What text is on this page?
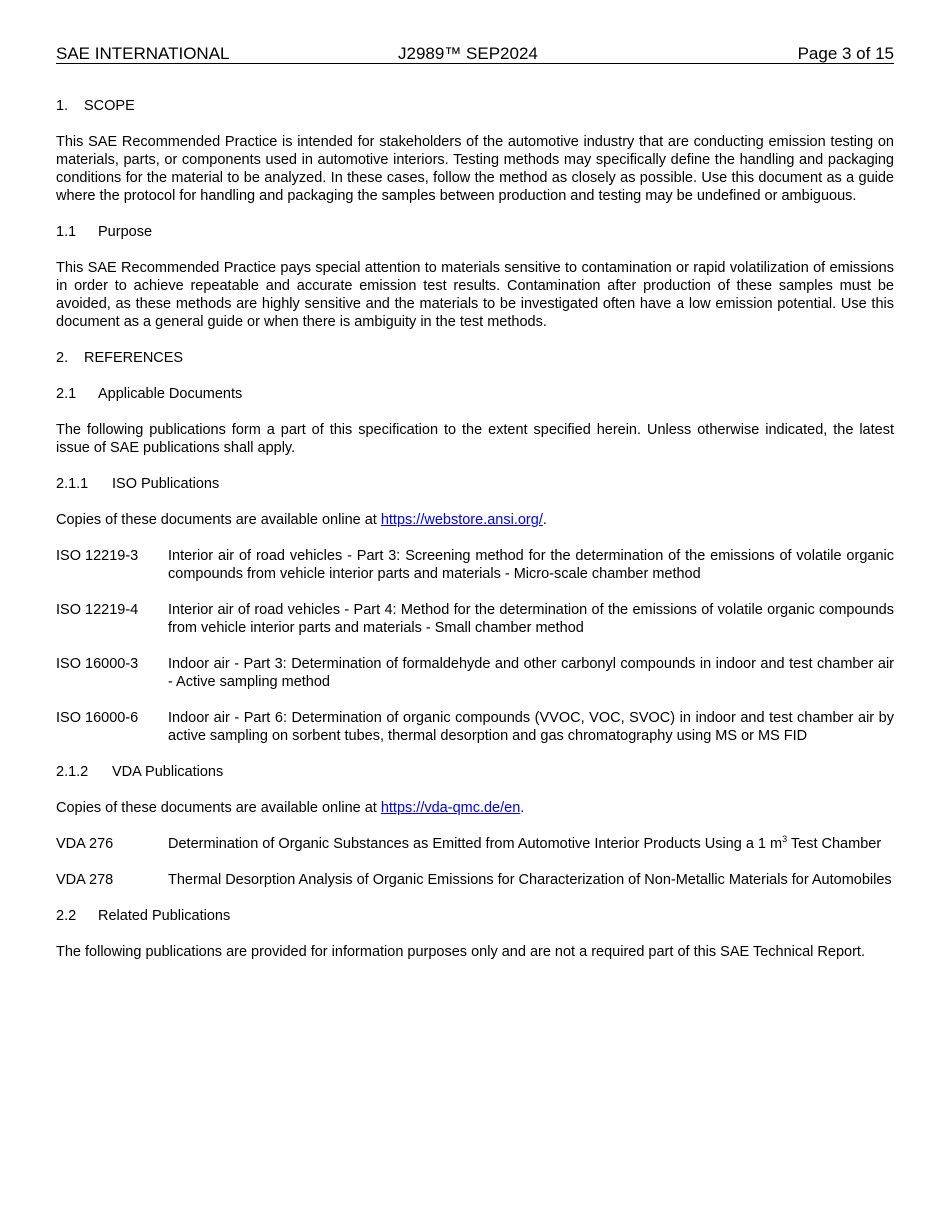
SAE INTERNATIONAL	J2989™ SEP2024	Page 3 of 15
1. SCOPE

This SAE Recommended Practice is intended for stakeholders of the automotive industry that are conducting emission testing on materials, parts, or components used in automotive interiors. Testing methods may specifically define the handling and packaging conditions for the material to be analyzed. In these cases, follow the method as closely as possible. Use this document as a guide where the protocol for handling and packaging the samples between production and testing may be undefined or ambiguous.

1.1 Purpose

This SAE Recommended Practice pays special attention to materials sensitive to contamination or rapid volatilization of emissions in order to achieve repeatable and accurate emission test results. Contamination after production of these samples must be avoided, as these methods are highly sensitive and the materials to be investigated often have a low emission potential. Use this document as a general guide or when there is ambiguity in the test methods.

2. REFERENCES
2.1 Applicable Documents

The following publications form a part of this specification to the extent specified herein. Unless otherwise indicated, the latest issue of SAE publications shall apply.

2.1.1 ISO Publications

Copies of these documents are available online at https://webstore.ansi.org/.

ISO 12219-3 Interior air of road vehicles - Part 3: Screening method for the determination of the emissions of volatile organic compounds from vehicle interior parts and materials - Micro-scale chamber method
ISO 12219-4 Interior air of road vehicles - Part 4: Method for the determination of the emissions of volatile organic compounds from vehicle interior parts and materials - Small chamber method
ISO 16000-3 Indoor air - Part 3: Determination of formaldehyde and other carbonyl compounds in indoor and test chamber air - Active sampling method
ISO 16000-6 Indoor air - Part 6: Determination of organic compounds (VVOC, VOC, SVOC) in indoor and test chamber air by active sampling on sorbent tubes, thermal desorption and gas chromatography using MS or MS FID
2.1.2 VDA Publications

Copies of these documents are available online at https://vda-qmc.de/en.

VDA 276	Determination of Organic Substances as Emitted from Automotive Interior Products Using a 1 $m^3$ Test Chamber
VDA 278	Thermal Desorption Analysis of Organic Emissions for Characterization of Non-Metallic Materials for Automobiles
2.2 Related Publications

The following publications are provided for information purposes only and are not a required part of this SAE Technical Report.
